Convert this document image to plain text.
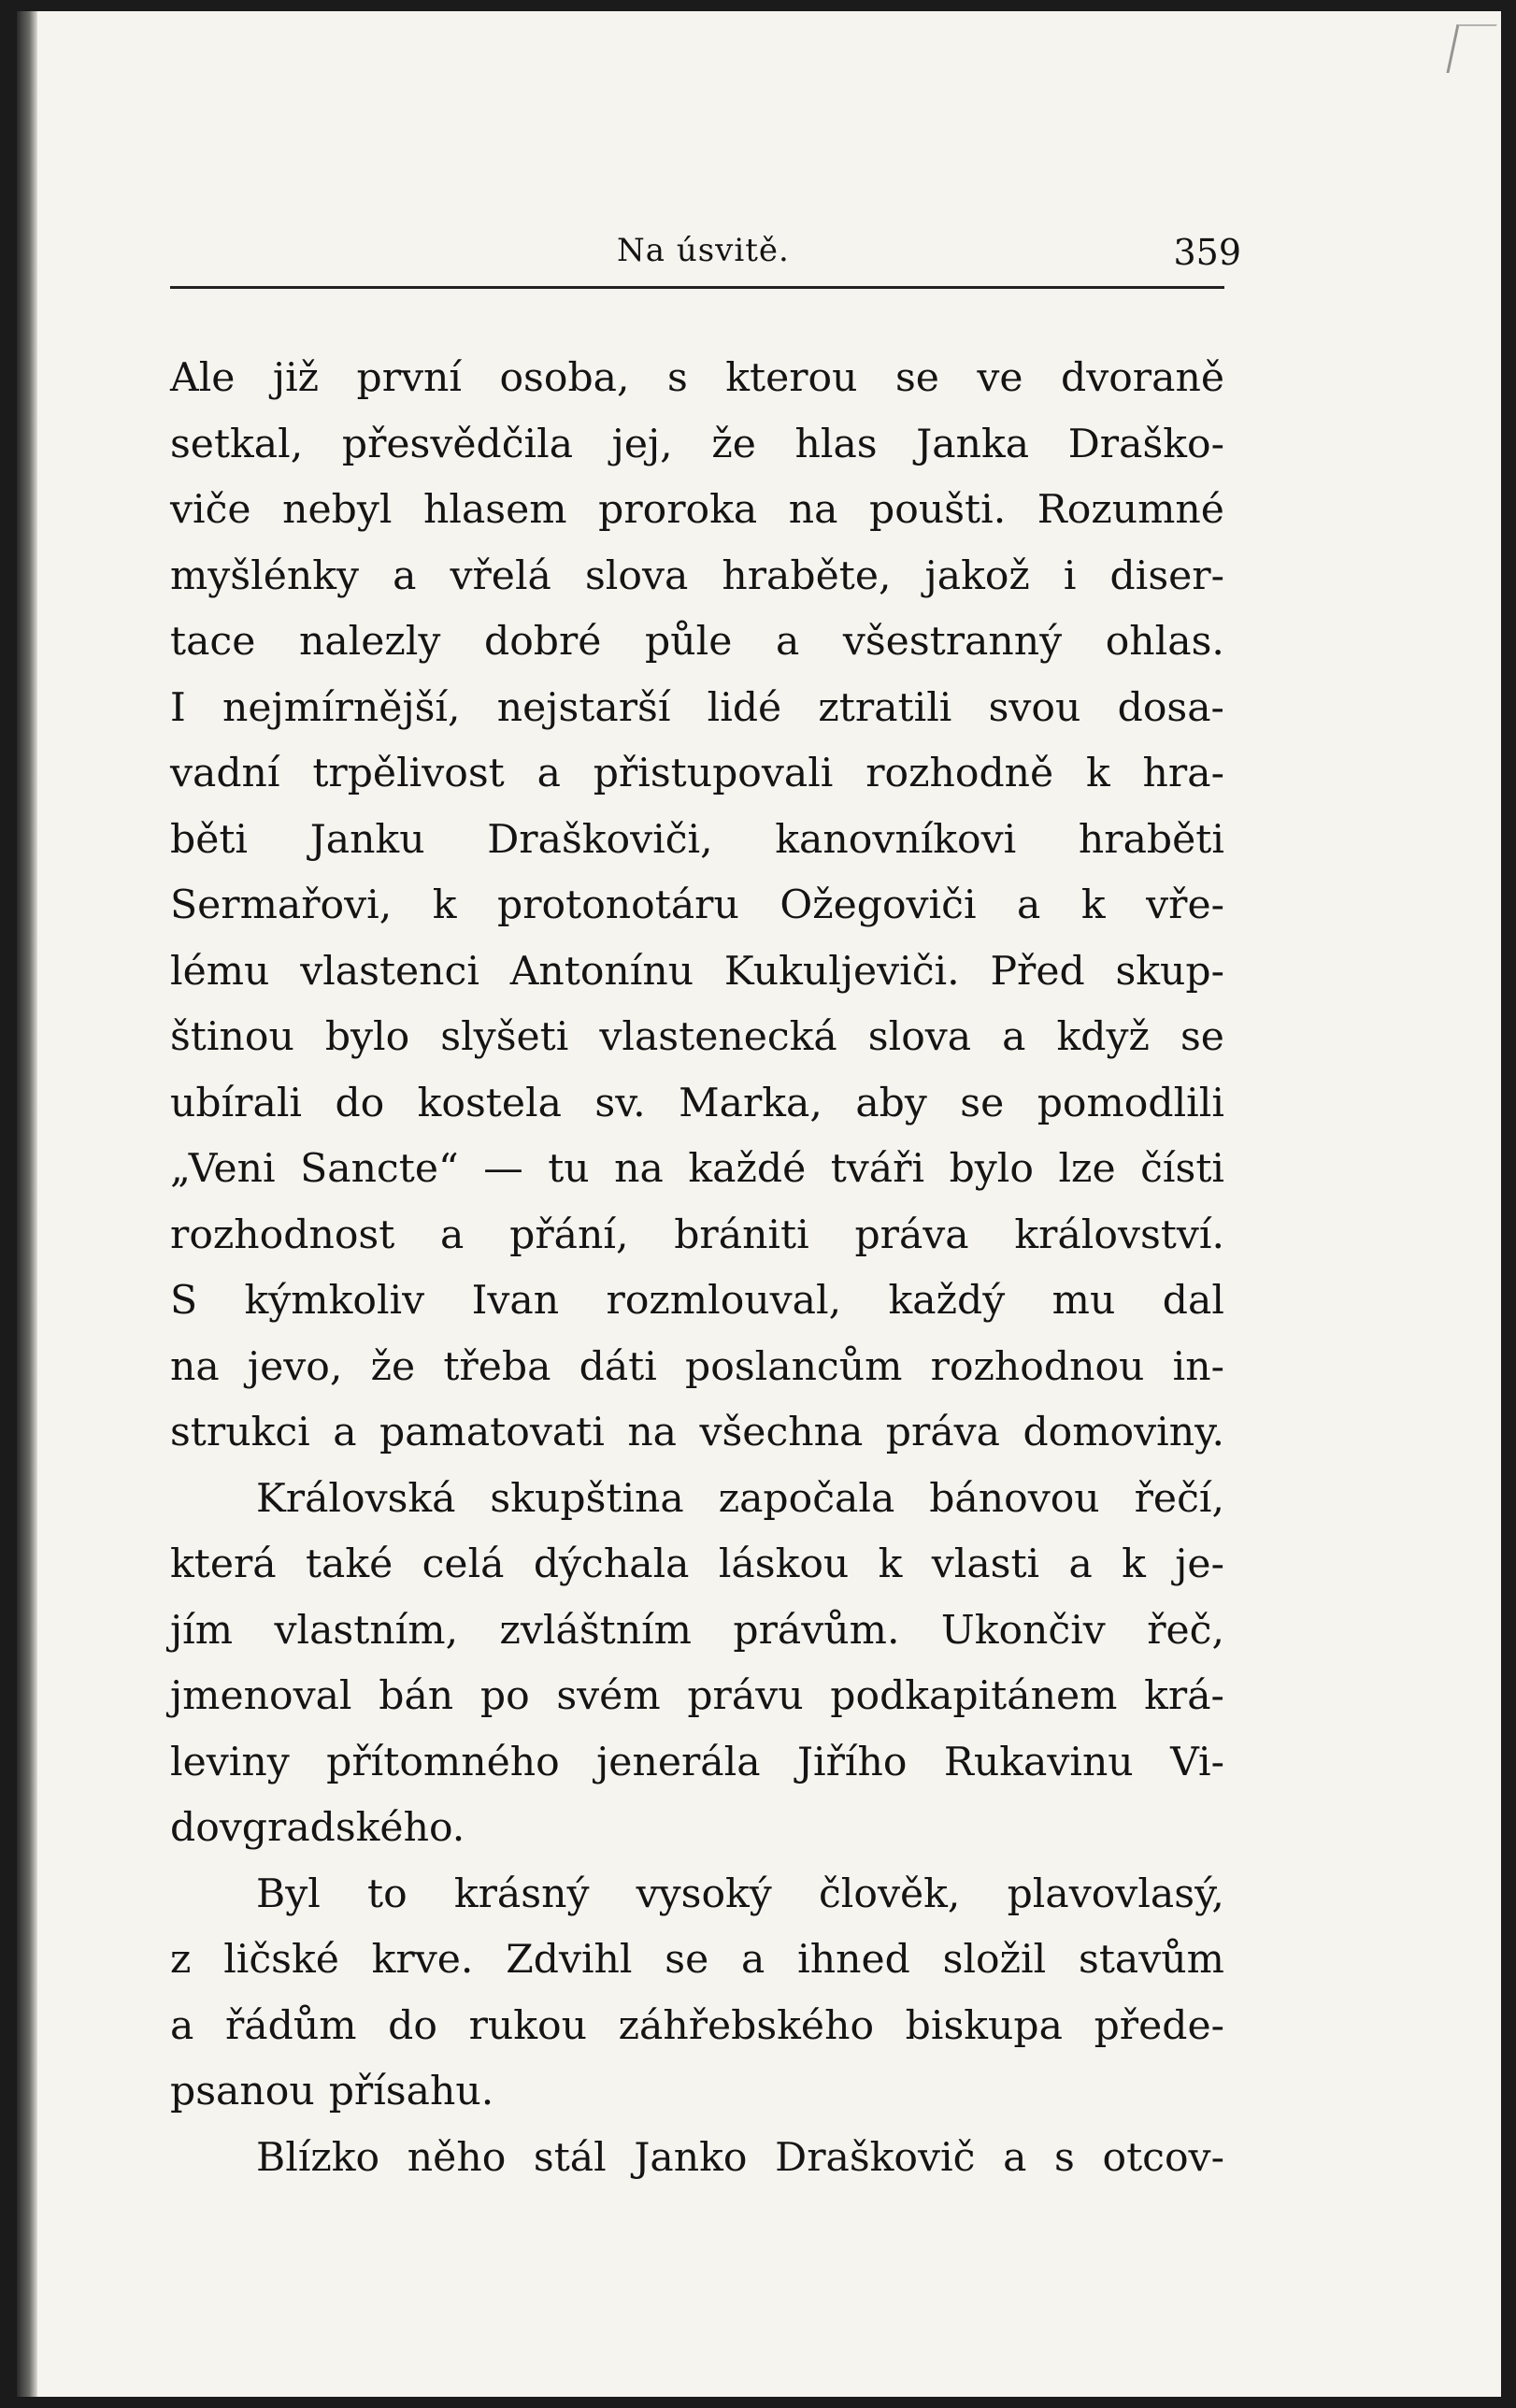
Na úsvitě.	359
Ale již první osoba, s kterou se ve dvoraně
setkal, přesvědčila jej, že hlas Janka Draško-
viče nebyl hlasem proroka na poušti. Rozumné
myšlénky a vřelá slova hraběte, jakož i diser-
tace nalezly dobré půle a všestranný ohlas.
I nejmírnější, nejstarší lidé ztratili svou dosa-
vadní trpělivost a přistupovali rozhodně k hra-
běti Janku Draškoviči, kanovníkovi hraběti
Sermařovi, k protonotáru Ožegoviči a k vře-
lému vlastenci Antonínu Kukuljeviči. Před skup-
štinou bylo slyšeti vlastenecká slova a když se
ubírali do kostela sv. Marka, aby se pomodlili
„Veni Sancte“ — tu na každé tváři bylo lze čísti
rozhodnost a přání, brániti práva království.
S kýmkoliv Ivan rozmlouval, každý mu dal
na jevo, že třeba dáti poslancům rozhodnou in-
strukci a pamatovati na všechna práva domoviny.
Královská skupština započala bánovou řečí,
která také celá dýchala láskou k vlasti a k je-
jím vlastním, zvláštním právům. Ukončiv řeč,
jmenoval bán po svém právu podkapitánem krá-
leviny přítomného jenerála Jiřího Rukavinu Vi-
dovgradského.
Byl to krásný vysoký člověk, plavovlasý,
z ličské krve. Zdvihl se a ihned složil stavům
a řádům do rukou záhřebského biskupa přede-
psanou přísahu.
Blízko něho stál Janko Draškovič a s otcov-
